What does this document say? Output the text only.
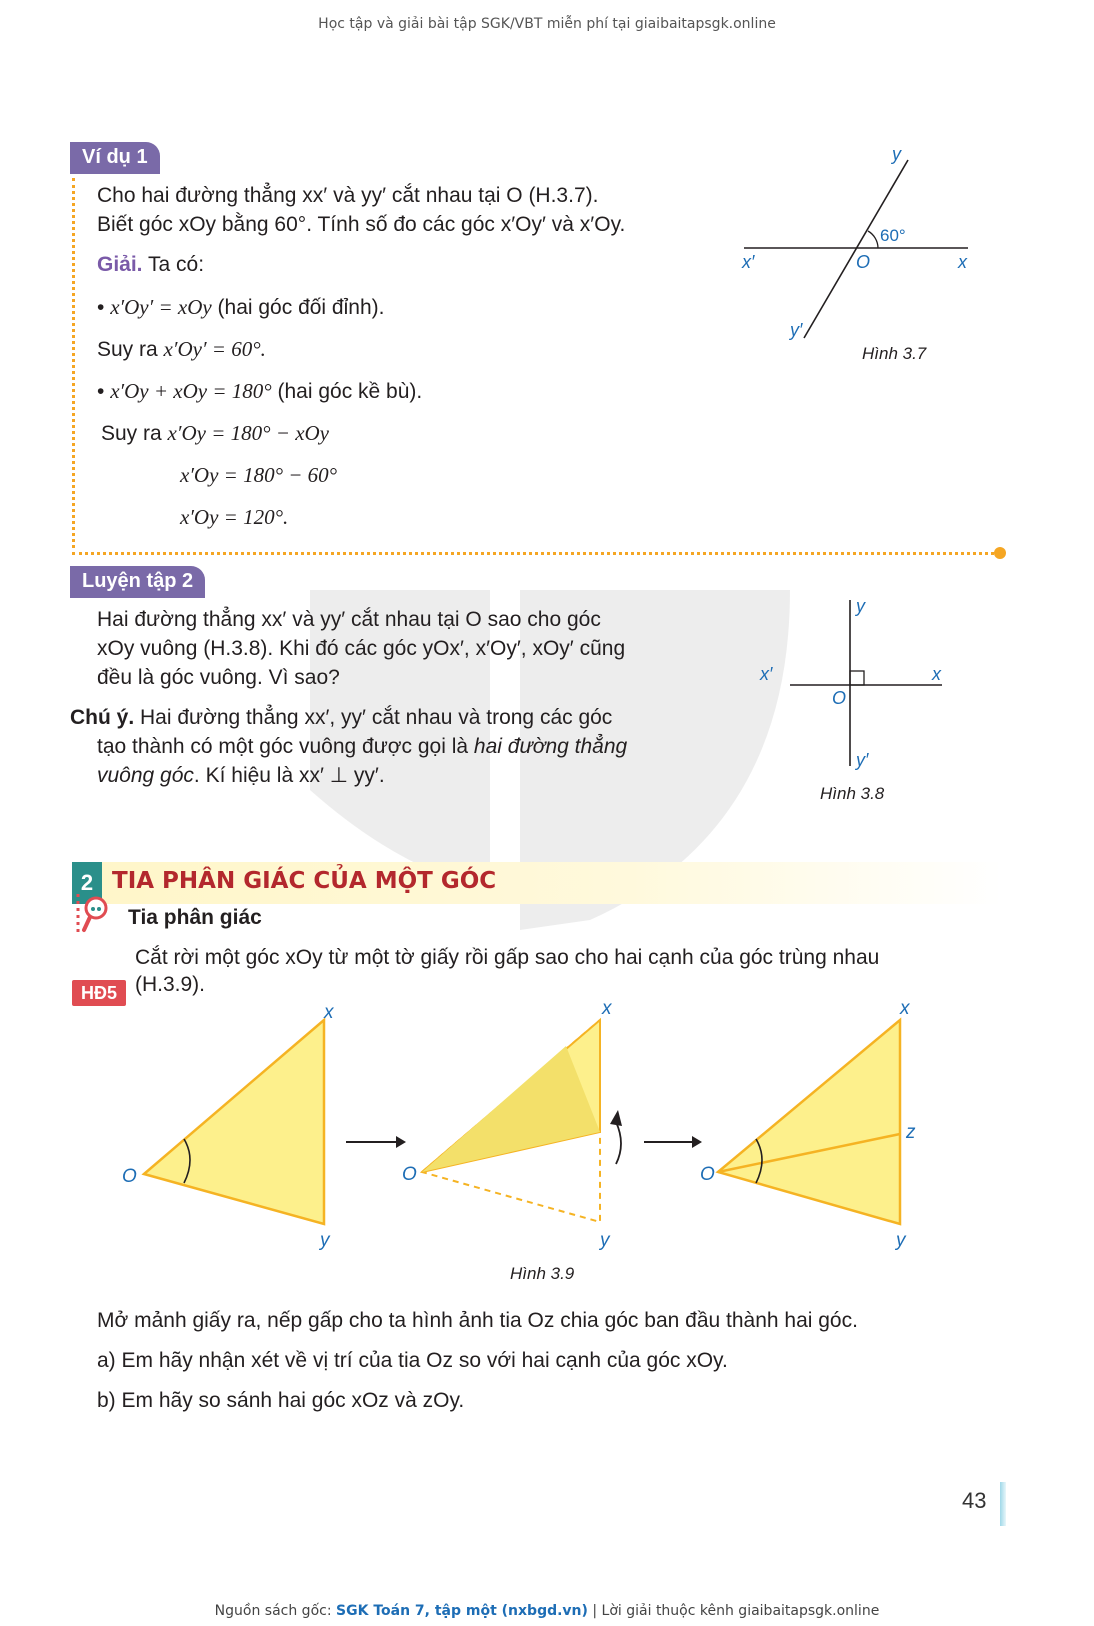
Học tập và giải bài tập SGK/VBT miễn phí tại giaibaitapsgk.online
Ví dụ 1
Cho hai đường thẳng xx′ và yy′ cắt nhau tại O (H.3.7).
Biết góc xOy bằng 60°. Tính số đo các góc x′Oy′ và x′Oy.
Giải. Ta có:
• x′Oy′ = xOy (hai góc đối đỉnh).
Suy ra x′Oy′ = 60°.
• x′Oy + xOy = 180° (hai góc kề bù).
Suy ra x′Oy = 180° − xOy
x′Oy = 180° − 60°
x′Oy = 120°.
y
y′
x′	x
O
60°
Hình 3.7
Luyện tập 2
Hai đường thẳng xx′ và yy′ cắt nhau tại O sao cho góc
xOy vuông (H.3.8). Khi đó các góc yOx′, x′Oy′, xOy′ cũng
đều là góc vuông. Vì sao?
Chú ý. Hai đường thẳng xx′, yy′ cắt nhau và trong các góc
tạo thành có một góc vuông được gọi là hai đường thẳng
vuông góc. Kí hiệu là xx′ ⊥ yy′.
y
y′
x′	x
O
Hình 3.8
2 TIA PHÂN GIÁC CỦA MỘT GÓC
Tia phân giác
HĐ5
Cắt rời một góc xOy từ một tờ giấy rồi gấp sao cho hai cạnh của góc trùng nhau
(H.3.9).
O
x
y
O
x
y
O
x
y
z
Hình 3.9
Mở mảnh giấy ra, nếp gấp cho ta hình ảnh tia Oz chia góc ban đầu thành hai góc.
a) Em hãy nhận xét về vị trí của tia Oz so với hai cạnh của góc xOy.
b) Em hãy so sánh hai góc xOz và zOy.
43
Nguồn sách gốc: SGK Toán 7, tập một (nxbgd.vn) | Lời giải thuộc kênh giaibaitapsgk.online
